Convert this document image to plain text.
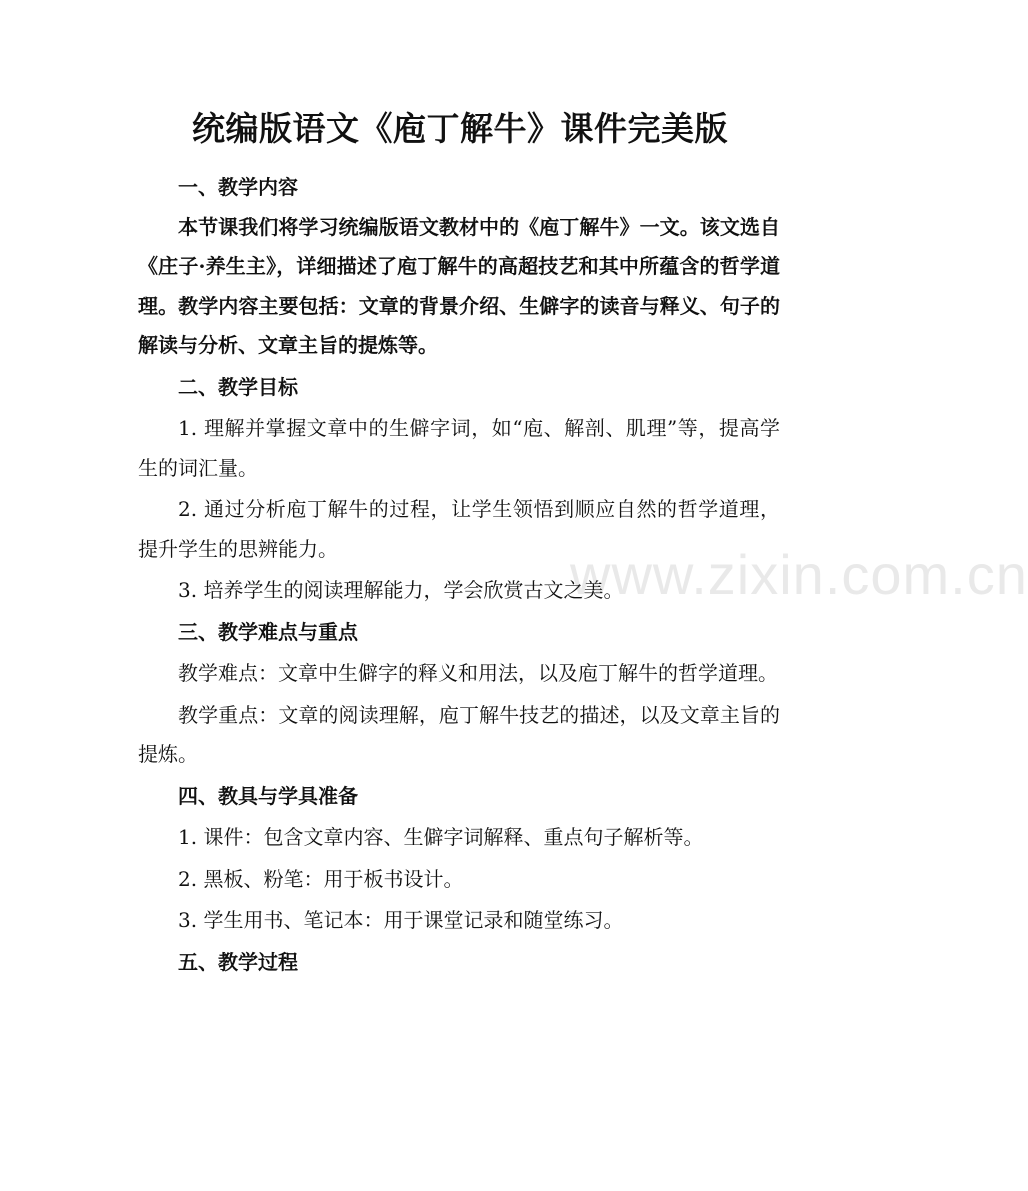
统编版语文《庖丁解牛》课件完美版

一、教学内容

本节课我们将学习统编版语文教材中的《庖丁解牛》一文。该文选自《庄子·养生主》，详细描述了庖丁解牛的高超技艺和其中所蕴含的哲学道理。教学内容主要包括：文章的背景介绍、生僻字的读音与释义、句子的解读与分析、文章主旨的提炼等。

二、教学目标

1. 理解并掌握文章中的生僻字词，如“庖、解剖、肌理”等，提高学生的词汇量。

2. 通过分析庖丁解牛的过程，让学生领悟到顺应自然的哲学道理，提升学生的思辨能力。

3. 培养学生的阅读理解能力，学会欣赏古文之美。

三、教学难点与重点

教学难点：文章中生僻字的释义和用法，以及庖丁解牛的哲学道理。

教学重点：文章的阅读理解，庖丁解牛技艺的描述，以及文章主旨的提炼。

四、教具与学具准备

1. 课件：包含文章内容、生僻字词解释、重点句子解析等。

2. 黑板、粉笔：用于板书设计。

3. 学生用书、笔记本：用于课堂记录和随堂练习。

五、教学过程

www.zixin.com.cn
